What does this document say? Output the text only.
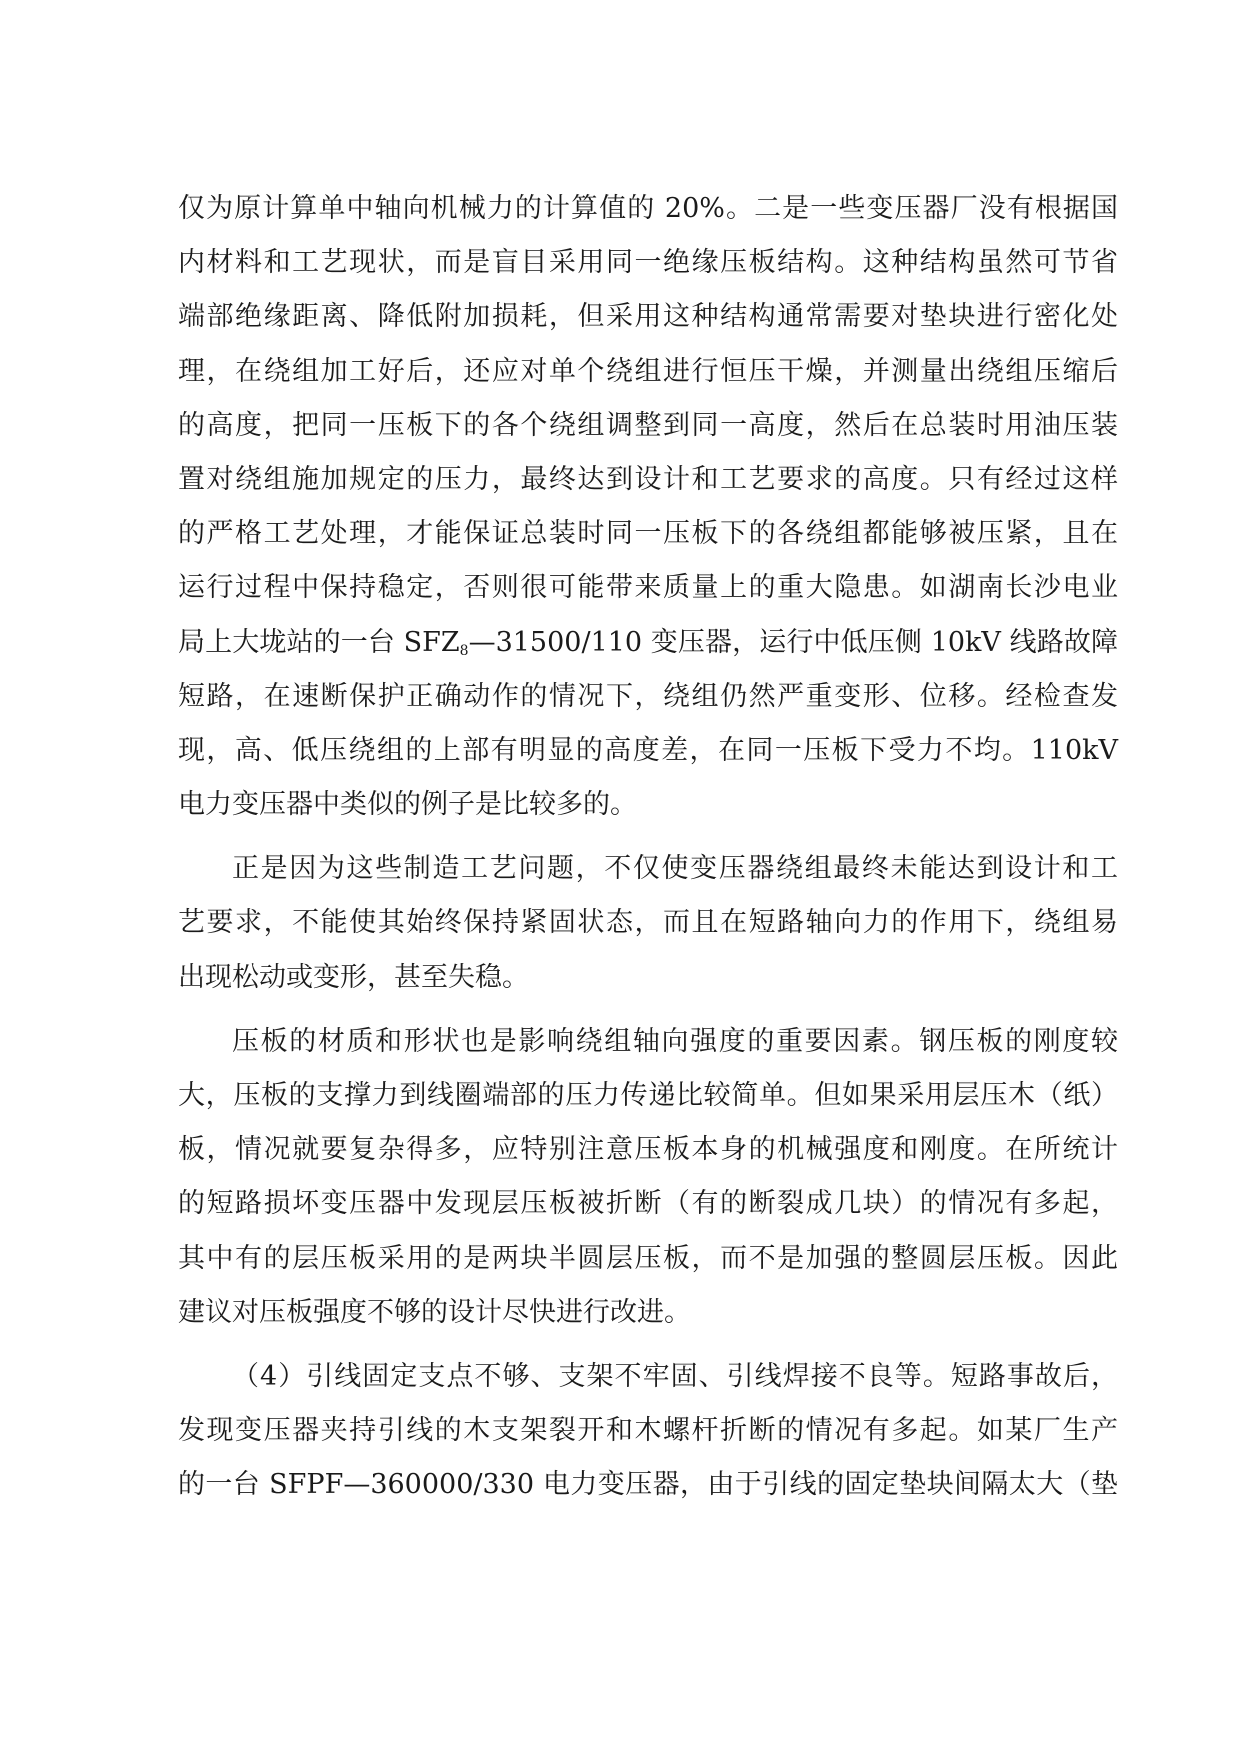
仅为原计算单中轴向机械力的计算值的 20%。二是一些变压器厂没有根据国
内材料和工艺现状，而是盲目采用同一绝缘压板结构。这种结构虽然可节省
端部绝缘距离、降低附加损耗，但采用这种结构通常需要对垫块进行密化处
理，在绕组加工好后，还应对单个绕组进行恒压干燥，并测量出绕组压缩后
的高度，把同一压板下的各个绕组调整到同一高度，然后在总装时用油压装
置对绕组施加规定的压力，最终达到设计和工艺要求的高度。只有经过这样
的严格工艺处理，才能保证总装时同一压板下的各绕组都能够被压紧，且在
运行过程中保持稳定，否则很可能带来质量上的重大隐患。如湖南长沙电业
局上大垅站的一台 $SFZ_8—31500/110$ 变压器，运行中低压侧 10kV 线路故障
短路，在速断保护正确动作的情况下，绕组仍然严重变形、位移。经检查发
现，高、低压绕组的上部有明显的高度差，在同一压板下受力不均。110kV
电力变压器中类似的例子是比较多的。
正是因为这些制造工艺问题，不仅使变压器绕组最终未能达到设计和工
艺要求，不能使其始终保持紧固状态，而且在短路轴向力的作用下，绕组易
出现松动或变形，甚至失稳。
压板的材质和形状也是影响绕组轴向强度的重要因素。钢压板的刚度较
大，压板的支撑力到线圈端部的压力传递比较简单。但如果采用层压木（纸）
板，情况就要复杂得多，应特别注意压板本身的机械强度和刚度。在所统计
的短路损坏变压器中发现层压板被折断（有的断裂成几块）的情况有多起，
其中有的层压板采用的是两块半圆层压板，而不是加强的整圆层压板。因此
建议对压板强度不够的设计尽快进行改进。
（4）引线固定支点不够、支架不牢固、引线焊接不良等。短路事故后，
发现变压器夹持引线的木支架裂开和木螺杆折断的情况有多起。如某厂生产
的一台 SFPF—360000/330 电力变压器，由于引线的固定垫块间隔太大（垫
